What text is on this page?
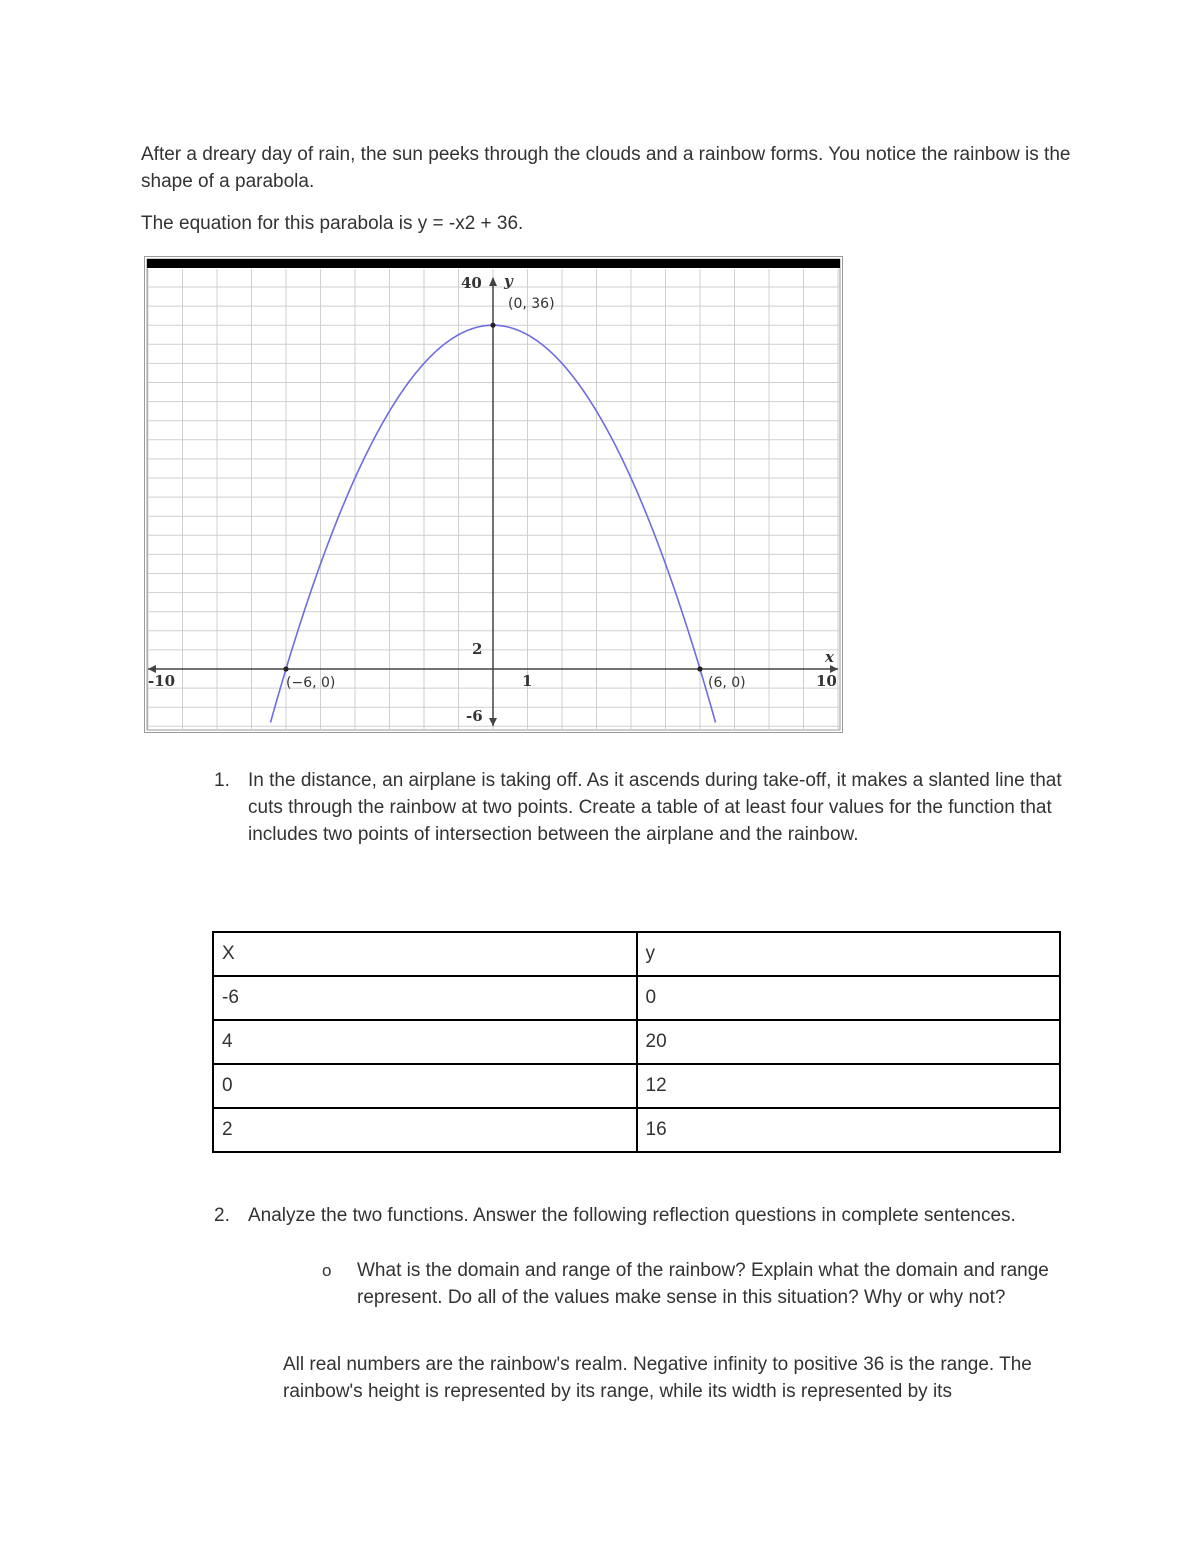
After a dreary day of rain, the sun peeks through the clouds and a rainbow forms. You notice the rainbow is the shape of a parabola.

The equation for this parabola is y = -x2 + 36.

-10	10
1
40
2
-6
y
x
(0, 36)
(−6, 0)	(6, 0)
1. In the distance, an airplane is taking off. As it ascends during take-off, it makes a slanted line that cuts through the rainbow at two points. Create a table of at least four values for the function that includes two points of intersection between the airplane and the rainbow.
X	y
-6	0
4	20
0	12
2	16
2. Analyze the two functions. Answer the following reflection questions in complete sentences.
o What is the domain and range of the rainbow? Explain what the domain and range represent. Do all of the values make sense in this situation? Why or why not?
All real numbers are the rainbow's realm. Negative infinity to positive 36 is the range. The rainbow's height is represented by its range, while its width is represented by its
